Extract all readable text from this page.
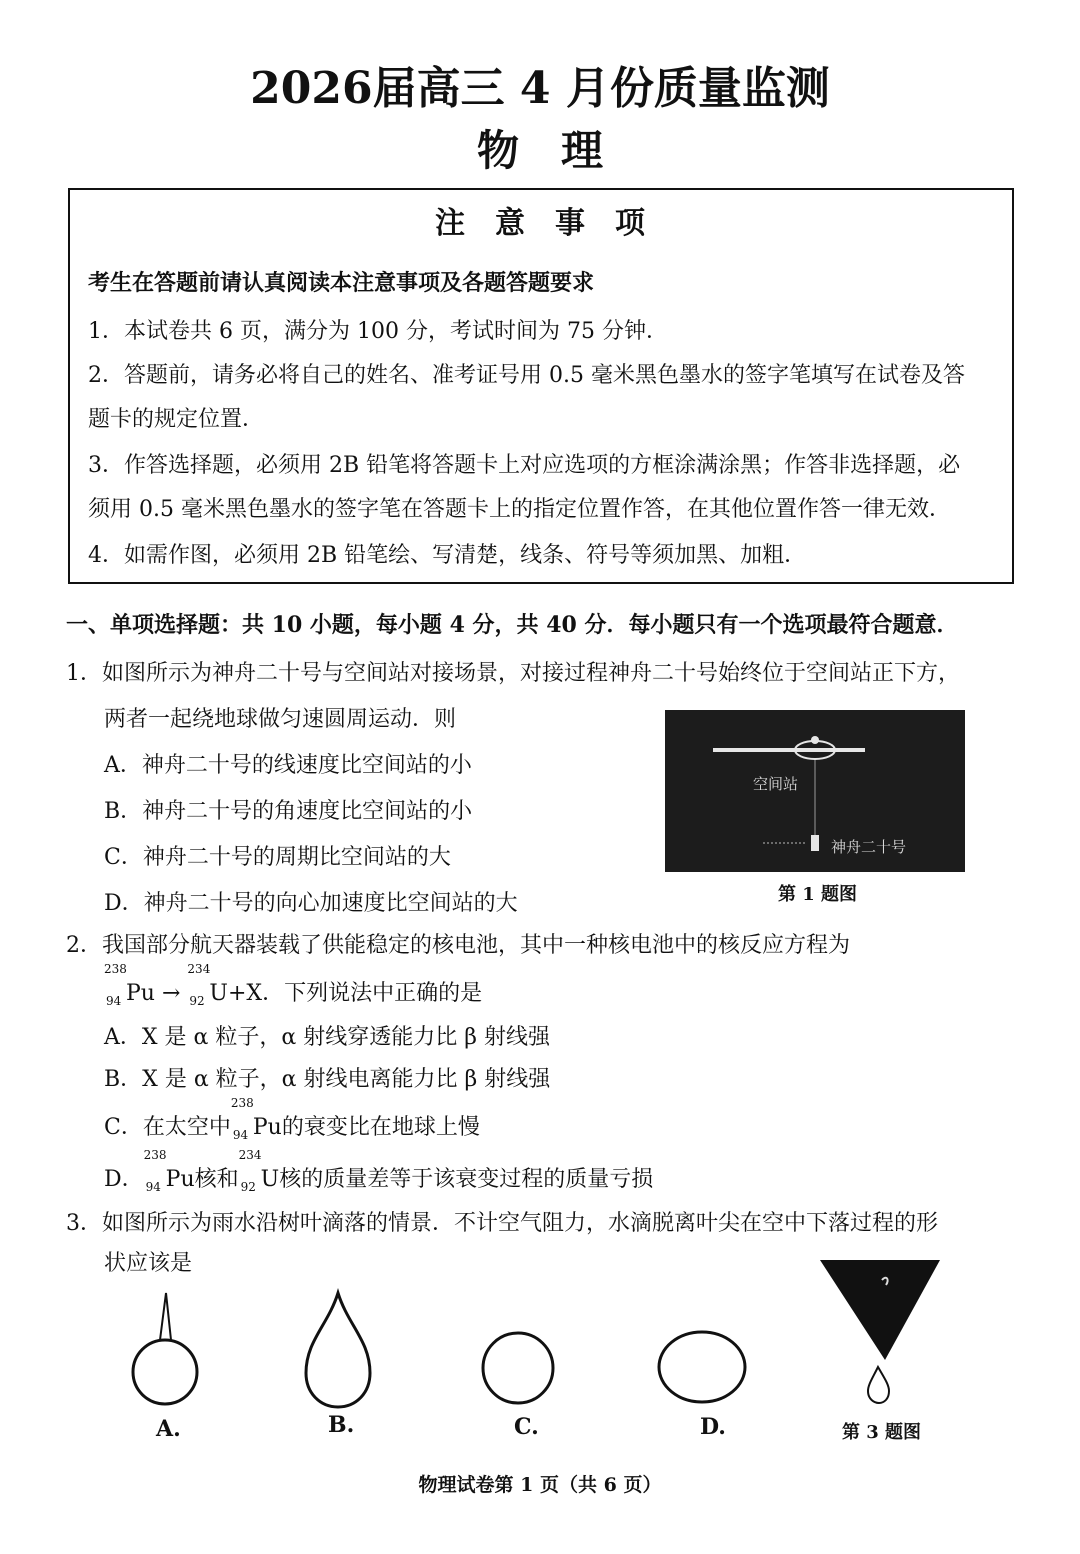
2026届高三 4 月份质量监测
物　理
注　意　事　项
考生在答题前请认真阅读本注意事项及各题答题要求
1．本试卷共 6 页，满分为 100 分，考试时间为 75 分钟．
2．答题前，请务必将自己的姓名、准考证号用 0.5 毫米黑色墨水的签字笔填写在试卷及答
题卡的规定位置．
3．作答选择题，必须用 2B 铅笔将答题卡上对应选项的方框涂满涂黑；作答非选择题，必
须用 0.5 毫米黑色墨水的签字笔在答题卡上的指定位置作答，在其他位置作答一律无效．
4．如需作图，必须用 2B 铅笔绘、写清楚，线条、符号等须加黑、加粗．
一、单项选择题：共 10 小题，每小题 4 分，共 40 分．每小题只有一个选项最符合题意．
1．如图所示为神舟二十号与空间站对接场景，对接过程神舟二十号始终位于空间站正下方，
两者一起绕地球做匀速圆周运动．则
A．神舟二十号的线速度比空间站的小
B．神舟二十号的角速度比空间站的小
C．神舟二十号的周期比空间站的大
D．神舟二十号的向心加速度比空间站的大
空间站
神舟二十号
第 1 题图
2．我国部分航天器装载了供能稳定的核电池，其中一种核电池中的核反应方程为
238
94 Pu →
234
92 U+X．下列说法中正确的是
A．X 是 α 粒子，α 射线穿透能力比 β 射线强
B．X 是 α 粒子，α 射线电离能力比 β 射线强
C．在太空中
238
94 Pu的衰变比在地球上慢
D．
238
94 Pu核和
234
92 U核的质量差等于该衰变过程的质量亏损
3．如图所示为雨水沿树叶滴落的情景．不计空气阻力，水滴脱离叶尖在空中下落过程的形
状应该是
A.	B.	C.	D.	第 3 题图
物理试卷第 1 页（共 6 页）
